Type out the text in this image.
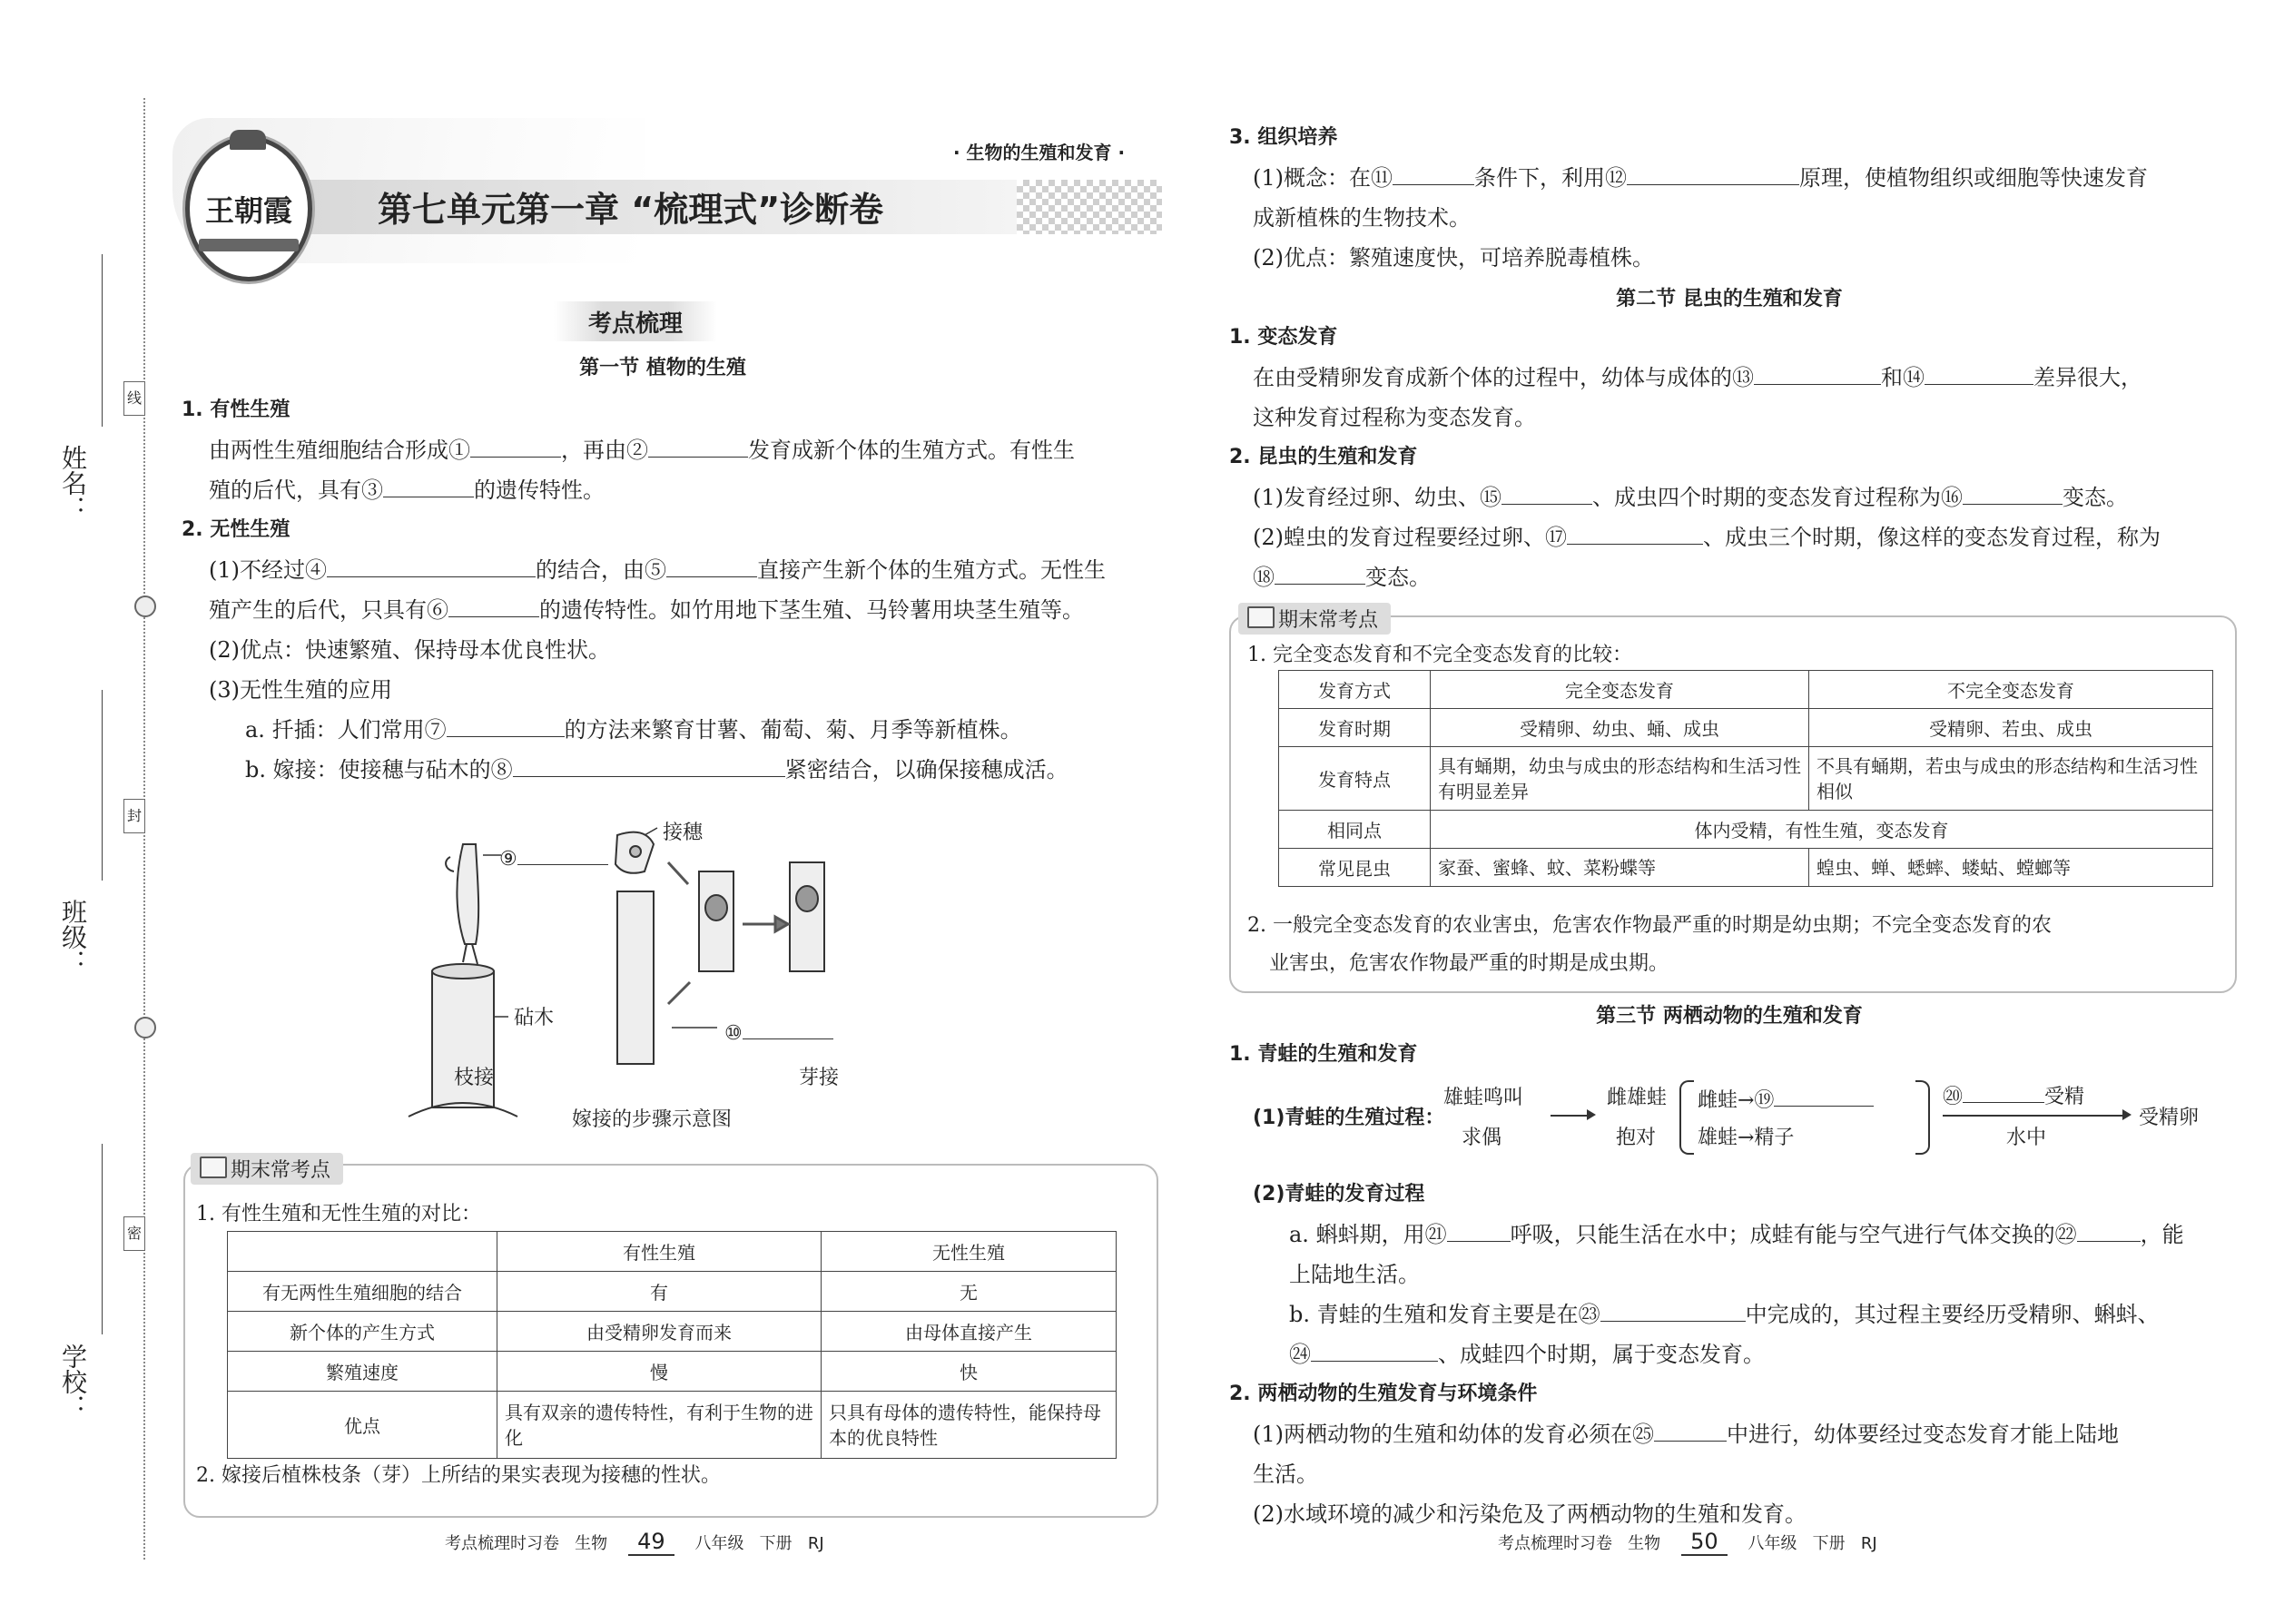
姓名：
班级：
学校：
线
封
密
王朝霞
· 生物的生殖和发育 ·
第七单元第一章 “梳理式”诊断卷
考点梳理
第一节 植物的生殖
1. 有性生殖
由两性生殖细胞结合形成①	，再由②	发育成新个体的生殖方式。有性生
殖的后代，具有③	的遗传特性。
2. 无性生殖
(1)不经过④	的结合，由⑤	直接产生新个体的生殖方式。无性生
殖产生的后代，只具有⑥	的遗传特性。如竹用地下茎生殖、马铃薯用块茎生殖等。
(2)优点：快速繁殖、保持母本优良性状。
(3)无性生殖的应用
a. 扦插：人们常用⑦	的方法来繁育甘薯、葡萄、菊、月季等新植株。
b. 嫁接：使接穗与砧木的⑧	紧密结合，以确保接穗成活。
⑨
砧木
接穗
⑩
枝接	芽接
嫁接的步骤示意图
期末常考点
1. 有性生殖和无性生殖的对比：
	有性生殖	无性生殖
有无两性生殖细胞的结合	有	无
新个体的产生方式	由受精卵发育而来	由母体直接产生
繁殖速度	慢	快
优点	具有双亲的遗传特性，有利于生物的进化	只具有母体的遗传特性，能保持母本的优良特性
2. 嫁接后植株枝条（芽）上所结的果实表现为接穗的性状。
考点梳理时习卷 生物 49 八年级 下册 RJ
3. 组织培养
(1)概念：在⑪	条件下，利用⑫	原理，使植物组织或细胞等快速发育
成新植株的生物技术。
(2)优点：繁殖速度快，可培养脱毒植株。
第二节 昆虫的生殖和发育
1. 变态发育
在由受精卵发育成新个体的过程中，幼体与成体的⑬	和⑭	差异很大，
这种发育过程称为变态发育。
2. 昆虫的生殖和发育
(1)发育经过卵、幼虫、⑮	、成虫四个时期的变态发育过程称为⑯	变态。
(2)蝗虫的发育过程要经过卵、⑰	、成虫三个时期，像这样的变态发育过程，称为
⑱	变态。
期末常考点
1. 完全变态发育和不完全变态发育的比较：
发育方式	完全变态发育	不完全变态发育
发育时期	受精卵、幼虫、蛹、成虫	受精卵、若虫、成虫
发育特点	具有蛹期，幼虫与成虫的形态结构和生活习性有明显差异	不具有蛹期，若虫与成虫的形态结构和生活习性相似
相同点	体内受精，有性生殖，变态发育	
常见昆虫	家蚕、蜜蜂、蚊、菜粉蝶等	蝗虫、蝉、蟋蟀、蝼蛄、螳螂等
2. 一般完全变态发育的农业害虫，危害农作物最严重的时期是幼虫期；不完全变态发育的农
业害虫，危害农作物最严重的时期是成虫期。
第三节 两栖动物的生殖和发育
1. 青蛙的生殖和发育
(1)青蛙的生殖过程：
雄蛙鸣叫
求偶
雌雄蛙
抱对
雌蛙→⑲
雄蛙→精子
⑳	受精
水中
受精卵
(2)青蛙的发育过程
a. 蝌蚪期，用㉑	呼吸，只能生活在水中；成蛙有能与空气进行气体交换的㉒	，能
上陆地生活。
b. 青蛙的生殖和发育主要是在㉓	中完成的，其过程主要经历受精卵、蝌蚪、
㉔	、成蛙四个时期，属于变态发育。
2. 两栖动物的生殖发育与环境条件
(1)两栖动物的生殖和幼体的发育必须在㉕	中进行，幼体要经过变态发育才能上陆地
生活。
(2)水域环境的减少和污染危及了两栖动物的生殖和发育。
考点梳理时习卷 生物 50 八年级 下册 RJ
